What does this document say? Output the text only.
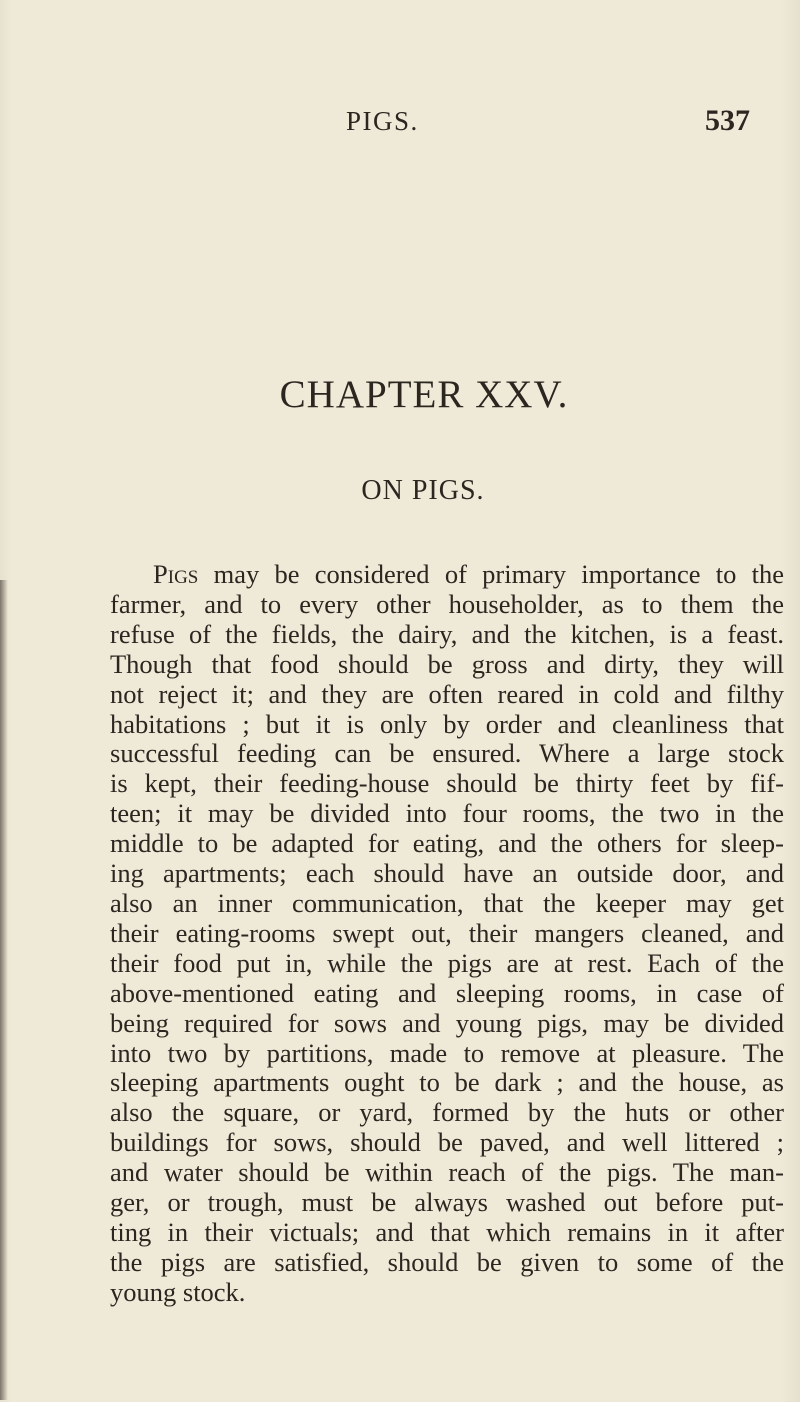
PIGS.	537
CHAPTER XXV.
ON PIGS.
Pigs may be considered of primary importance to the
farmer, and to every other householder, as to them the
refuse of the fields, the dairy, and the kitchen, is a feast.
Though that food should be gross and dirty, they will
not reject it; and they are often reared in cold and filthy
habitations ; but it is only by order and cleanliness that
successful feeding can be ensured. Where a large stock
is kept, their feeding-house should be thirty feet by fif-
teen; it may be divided into four rooms, the two in the
middle to be adapted for eating, and the others for sleep-
ing apartments; each should have an outside door, and
also an inner communication, that the keeper may get
their eating-rooms swept out, their mangers cleaned, and
their food put in, while the pigs are at rest. Each of the
above-mentioned eating and sleeping rooms, in case of
being required for sows and young pigs, may be divided
into two by partitions, made to remove at pleasure. The
sleeping apartments ought to be dark ; and the house, as
also the square, or yard, formed by the huts or other
buildings for sows, should be paved, and well littered ;
and water should be within reach of the pigs. The man-
ger, or trough, must be always washed out before put-
ting in their victuals; and that which remains in it after
the pigs are satisfied, should be given to some of the
young stock.
